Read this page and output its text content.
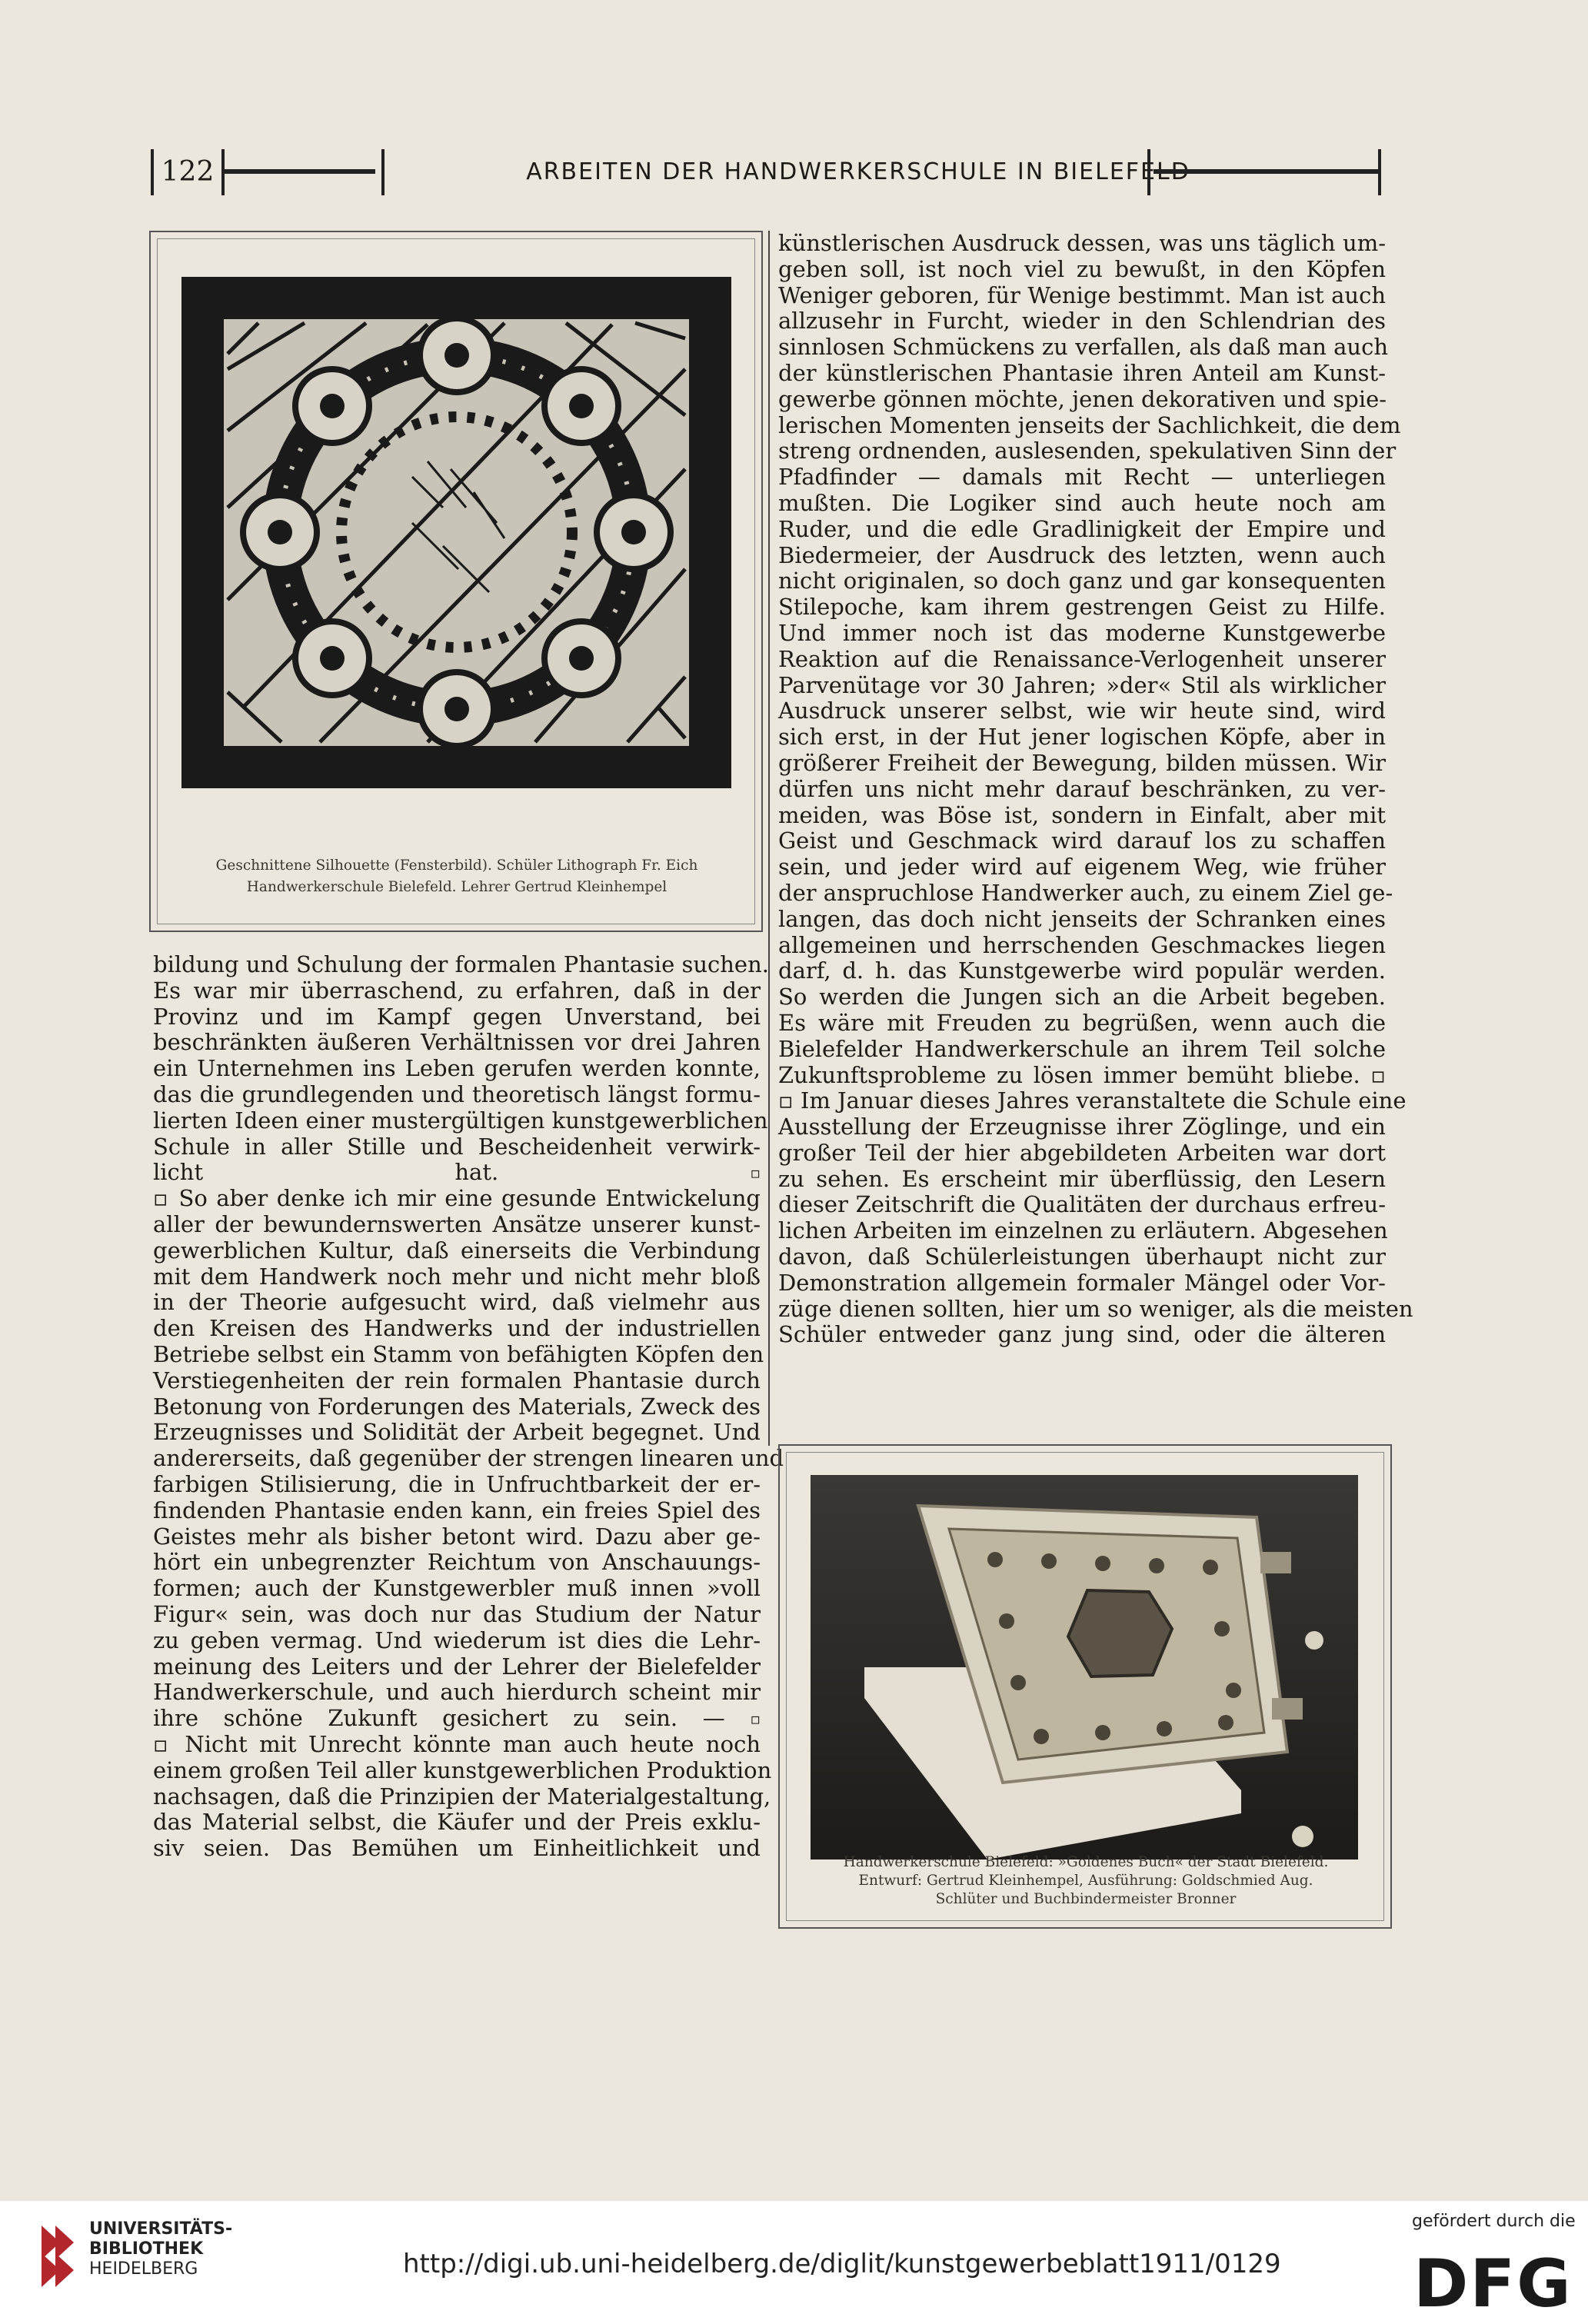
122	ARBEITEN DER HANDWERKERSCHULE IN BIELEFELD
Geschnittene Silhouette (Fensterbild). Schüler Lithograph Fr. Eich
Handwerkerschule Bielefeld. Lehrer Gertrud Kleinhempel
künstlerischen Ausdruck dessen, was uns täglich um-
geben soll, ist noch viel zu bewußt, in den Köpfen
Weniger geboren, für Wenige bestimmt. Man ist auch
allzusehr in Furcht, wieder in den Schlendrian des
sinnlosen Schmückens zu verfallen, als daß man auch
der künstlerischen Phantasie ihren Anteil am Kunst-
gewerbe gönnen möchte, jenen dekorativen und spie-
lerischen Momenten jenseits der Sachlichkeit, die dem
streng ordnenden, auslesenden, spekulativen Sinn der
Pfadfinder — damals mit Recht — unterliegen
mußten. Die Logiker sind auch heute noch am
Ruder, und die edle Gradlinigkeit der Empire und
Biedermeier, der Ausdruck des letzten, wenn auch
nicht originalen, so doch ganz und gar konsequenten
Stilepoche, kam ihrem gestrengen Geist zu Hilfe.
Und immer noch ist das moderne Kunstgewerbe
Reaktion auf die Renaissance-Verlogenheit unserer
Parvenütage vor 30 Jahren; »der« Stil als wirklicher
Ausdruck unserer selbst, wie wir heute sind, wird
sich erst, in der Hut jener logischen Köpfe, aber in
größerer Freiheit der Bewegung, bilden müssen. Wir
dürfen uns nicht mehr darauf beschränken, zu ver-
meiden, was Böse ist, sondern in Einfalt, aber mit
Geist und Geschmack wird darauf los zu schaffen
sein, und jeder wird auf eigenem Weg, wie früher
der anspruchlose Handwerker auch, zu einem Ziel ge-
langen, das doch nicht jenseits der Schranken eines
allgemeinen und herrschenden Geschmackes liegen
darf, d. h. das Kunstgewerbe wird populär werden.
So werden die Jungen sich an die Arbeit begeben.
Es wäre mit Freuden zu begrüßen, wenn auch die
Bielefelder Handwerkerschule an ihrem Teil solche
Zukunftsprobleme zu lösen immer bemüht bliebe. ▫
▫ Im Januar dieses Jahres veranstaltete die Schule eine
Ausstellung der Erzeugnisse ihrer Zöglinge, und ein
großer Teil der hier abgebildeten Arbeiten war dort
zu sehen. Es erscheint mir überflüssig, den Lesern
dieser Zeitschrift die Qualitäten der durchaus erfreu-
lichen Arbeiten im einzelnen zu erläutern. Abgesehen
davon, daß Schülerleistungen überhaupt nicht zur
Demonstration allgemein formaler Mängel oder Vor-
züge dienen sollten, hier um so weniger, als die meisten
Schüler entweder ganz jung sind, oder die älteren
bildung und Schulung der formalen Phantasie suchen.
Es war mir überraschend, zu erfahren, daß in der
Provinz und im Kampf gegen Unverstand, bei
beschränkten äußeren Verhältnissen vor drei Jahren
ein Unternehmen ins Leben gerufen werden konnte,
das die grundlegenden und theoretisch längst formu-
lierten Ideen einer mustergültigen kunstgewerblichen
Schule in aller Stille und Bescheidenheit verwirk-
licht hat.	▫
▫ So aber denke ich mir eine gesunde Entwickelung
aller der bewundernswerten Ansätze unserer kunst-
gewerblichen Kultur, daß einerseits die Verbindung
mit dem Handwerk noch mehr und nicht mehr bloß
in der Theorie aufgesucht wird, daß vielmehr aus
den Kreisen des Handwerks und der industriellen
Betriebe selbst ein Stamm von befähigten Köpfen den
Verstiegenheiten der rein formalen Phantasie durch
Betonung von Forderungen des Materials, Zweck des
Erzeugnisses und Solidität der Arbeit begegnet. Und
andererseits, daß gegenüber der strengen linearen und
farbigen Stilisierung, die in Unfruchtbarkeit der er-
findenden Phantasie enden kann, ein freies Spiel des
Geistes mehr als bisher betont wird. Dazu aber ge-
hört ein unbegrenzter Reichtum von Anschauungs-
formen; auch der Kunstgewerbler muß innen »voll
Figur« sein, was doch nur das Studium der Natur
zu geben vermag. Und wiederum ist dies die Lehr-
meinung des Leiters und der Lehrer der Bielefelder
Handwerkerschule, und auch hierdurch scheint mir
ihre schöne Zukunft gesichert zu sein. — ▫
▫ Nicht mit Unrecht könnte man auch heute noch
einem großen Teil aller kunstgewerblichen Produktion
nachsagen, daß die Prinzipien der Materialgestaltung,
das Material selbst, die Käufer und der Preis exklu-
siv seien. Das Bemühen um Einheitlichkeit und
Handwerkerschule Bielefeld: »Goldenes Buch« der Stadt Bielefeld.
Entwurf: Gertrud Kleinhempel, Ausführung: Goldschmied Aug.
Schlüter und Buchbindermeister Bronner
UNIVERSITÄTS-
BIBLIOTHEK
HEIDELBERG	http://digi.ub.uni-heidelberg.de/diglit/kunstgewerbeblatt1911/0129
gefördert durch die
DFG
